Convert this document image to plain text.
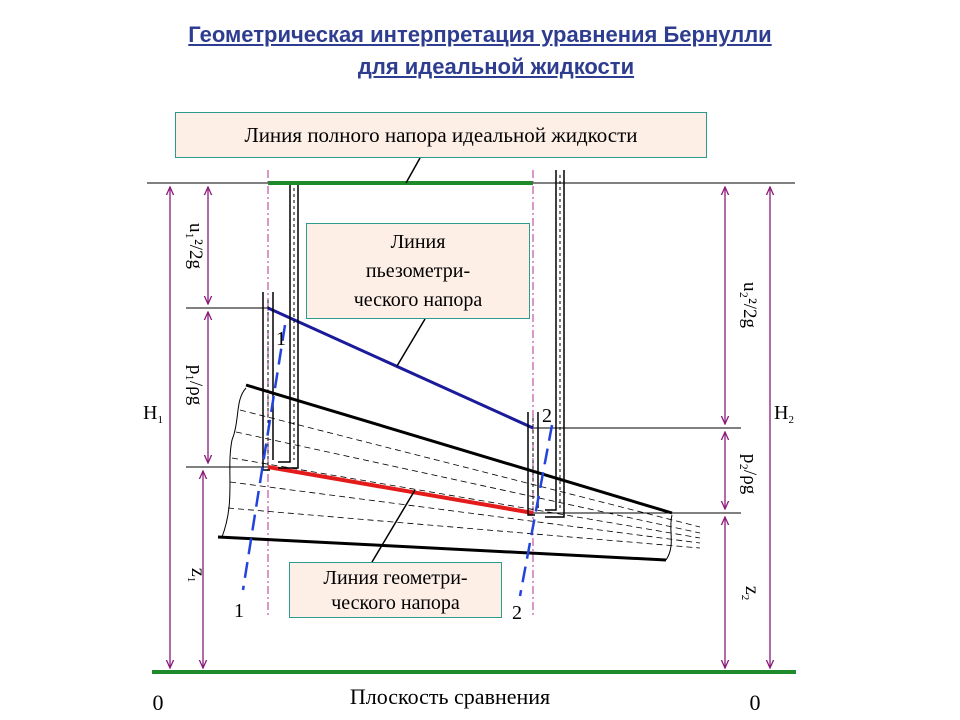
Геометрическая интерпретация уравнения Бернулли
для идеальной жидкости
1
1
2
2
$H_1$	$H_2$
u₁²/2g
p₁/ρg
$z_1$
u₂²/2g
p₂/ρg
$z_2$
0	0
Плоскость сравнения
Линия полного напора идеальной жидкости
Линия
пьезометри-
ческого напора
Линия геометри-
ческого напора
